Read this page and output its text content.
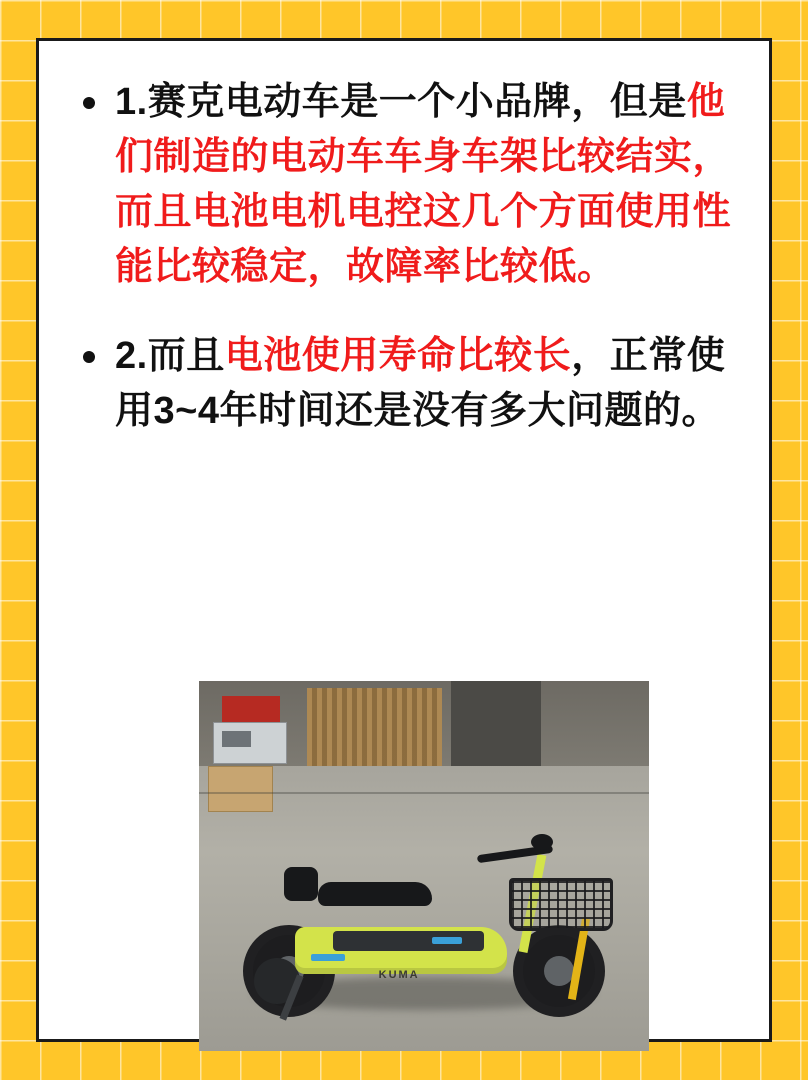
1.赛克电动车是一个小品牌，但是他们制造的电动车车身车架比较结实，而且电池电机电控这几个方面使用性能比较稳定，故障率比较低。

2.而且电池使用寿命比较长，正常使用3~4年时间还是没有多大问题的。

KUMA
